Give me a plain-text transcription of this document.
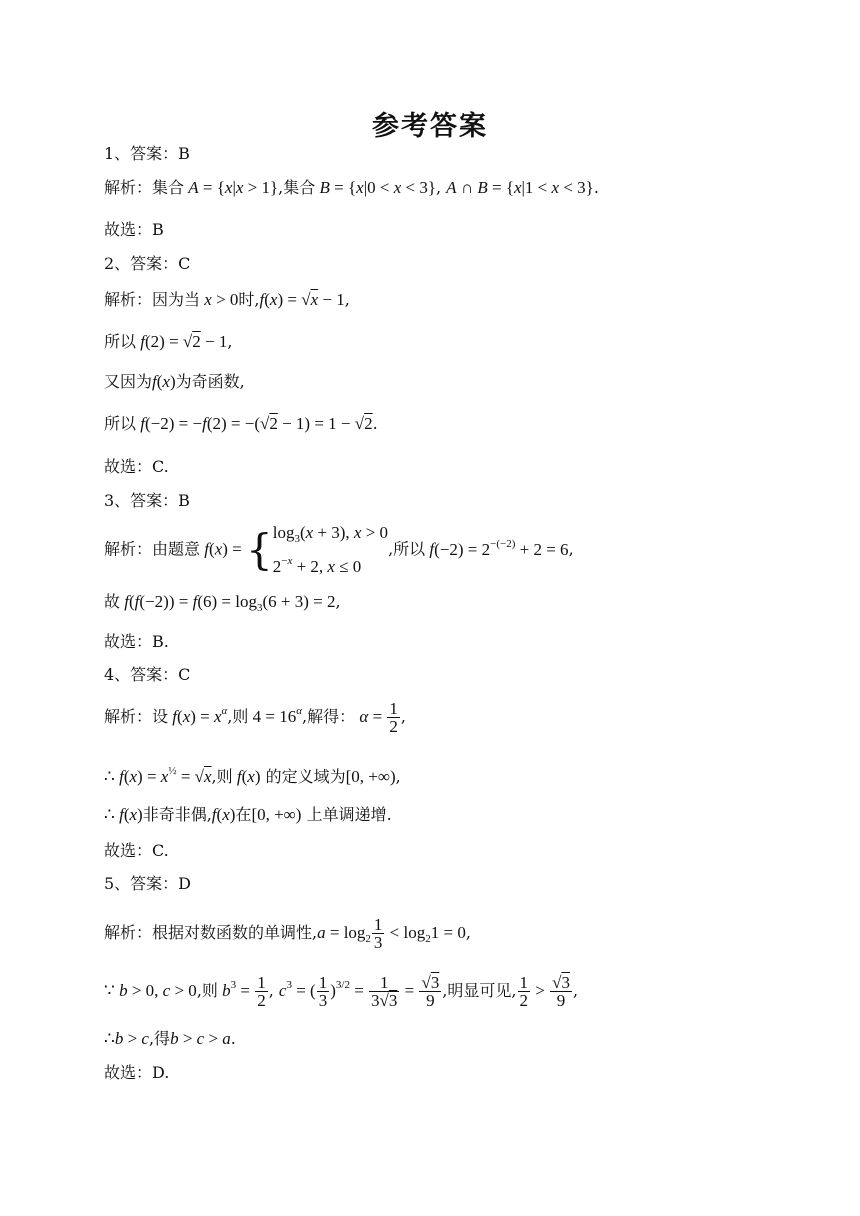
参考答案
1、答案：B
解析：集合 A = {x|x > 1},集合 B = {x|0 < x < 3}, A ∩ B = {x|1 < x < 3}.
故选：B
2、答案：C
解析：因为当 x > 0时,f(x) = √x − 1,
所以 f(2) = √2 − 1,
又因为f(x)为奇函数,
所以 f(−2) = −f(2) = −(√2 − 1) = 1 − √2.
故选：C.
3、答案：B
解析：由题意 $f(x) = \{\log_3(x + 3)$, x > 0
$2^{-x} + 2$, x ≤ 0,所以 $f(-2) = 2^{-(-2)} + 2 = 6$,
故 $f(f(-2)) = f(6) = \log_3(6 + 3) = 2$,
故选：B.
4、答案：C
解析：设 $f(x) = x^\alpha$,则 $4 = 16^\alpha$,解得： $\alpha = \frac{1}{2}$ ,
∴ $f(x) = x^{\frac{1}{2}} = √x$,则 f(x) 的定义域为[0, +∞),
∴ f(x)非奇非偶,f(x)在[0, +∞) 上单调递增.
故选：C.
5、答案：D
解析：根据对数函数的单调性$,a = \log_2 \frac{1}{3} < \log_21 = 0$,
∵ b > 0, c > 0,则 $b^3 = \frac{1}{2}$ , $c^3$ = ( $\frac{1}{3} )^{3/2} = \frac{1}{3√3} = \frac{√3}{9}$ ,明显可见, $\frac{1}{2} > \frac{√3}{9}$ ,
∴b > c,得b > c > a.
故选：D.
